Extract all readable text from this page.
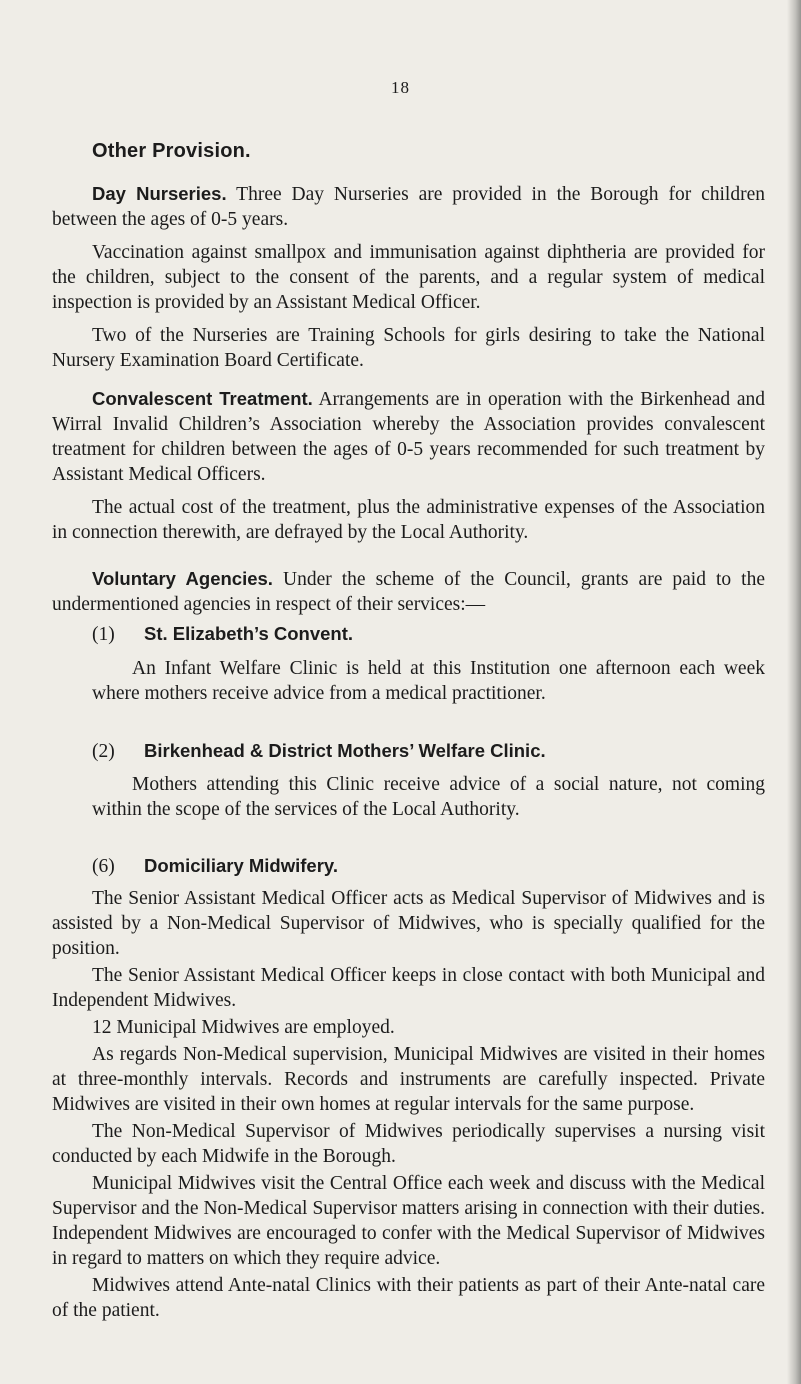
18
Other Provision.

Day Nurseries. Three Day Nurseries are provided in the Borough for children between the ages of 0-5 years.

Vaccination against smallpox and immunisation against diphtheria are provided for the children, subject to the consent of the parents, and a regular system of medical inspection is provided by an Assistant Medical Officer.

Two of the Nurseries are Training Schools for girls desiring to take the National Nursery Examination Board Certificate.

Convalescent Treatment. Arrangements are in operation with the Birkenhead and Wirral Invalid Children’s Association whereby the Association provides convalescent treatment for children between the ages of 0-5 years recommended for such treatment by Assistant Medical Officers.

The actual cost of the treatment, plus the administrative expenses of the Association in connection therewith, are defrayed by the Local Authority.

Voluntary Agencies. Under the scheme of the Council, grants are paid to the undermentioned agencies in respect of their services:—

(1) St. Elizabeth’s Convent.

An Infant Welfare Clinic is held at this Institution one afternoon each week where mothers receive advice from a medical practitioner.

(2) Birkenhead & District Mothers’ Welfare Clinic.

Mothers attending this Clinic receive advice of a social nature, not coming within the scope of the services of the Local Authority.

(6) Domiciliary Midwifery.

The Senior Assistant Medical Officer acts as Medical Supervisor of Midwives and is assisted by a Non-Medical Supervisor of Midwives, who is specially qualified for the position.

The Senior Assistant Medical Officer keeps in close contact with both Municipal and Independent Midwives.

12 Municipal Midwives are employed.

As regards Non-Medical supervision, Municipal Midwives are visited in their homes at three-monthly intervals. Records and instruments are carefully inspected. Private Midwives are visited in their own homes at regular intervals for the same purpose.

The Non-Medical Supervisor of Midwives periodically supervises a nursing visit conducted by each Midwife in the Borough.

Municipal Midwives visit the Central Office each week and discuss with the Medical Supervisor and the Non-Medical Supervisor matters arising in connection with their duties. Independent Midwives are encouraged to confer with the Medical Supervisor of Midwives in regard to matters on which they require advice.

Midwives attend Ante-natal Clinics with their patients as part of their Ante-natal care of the patient.
